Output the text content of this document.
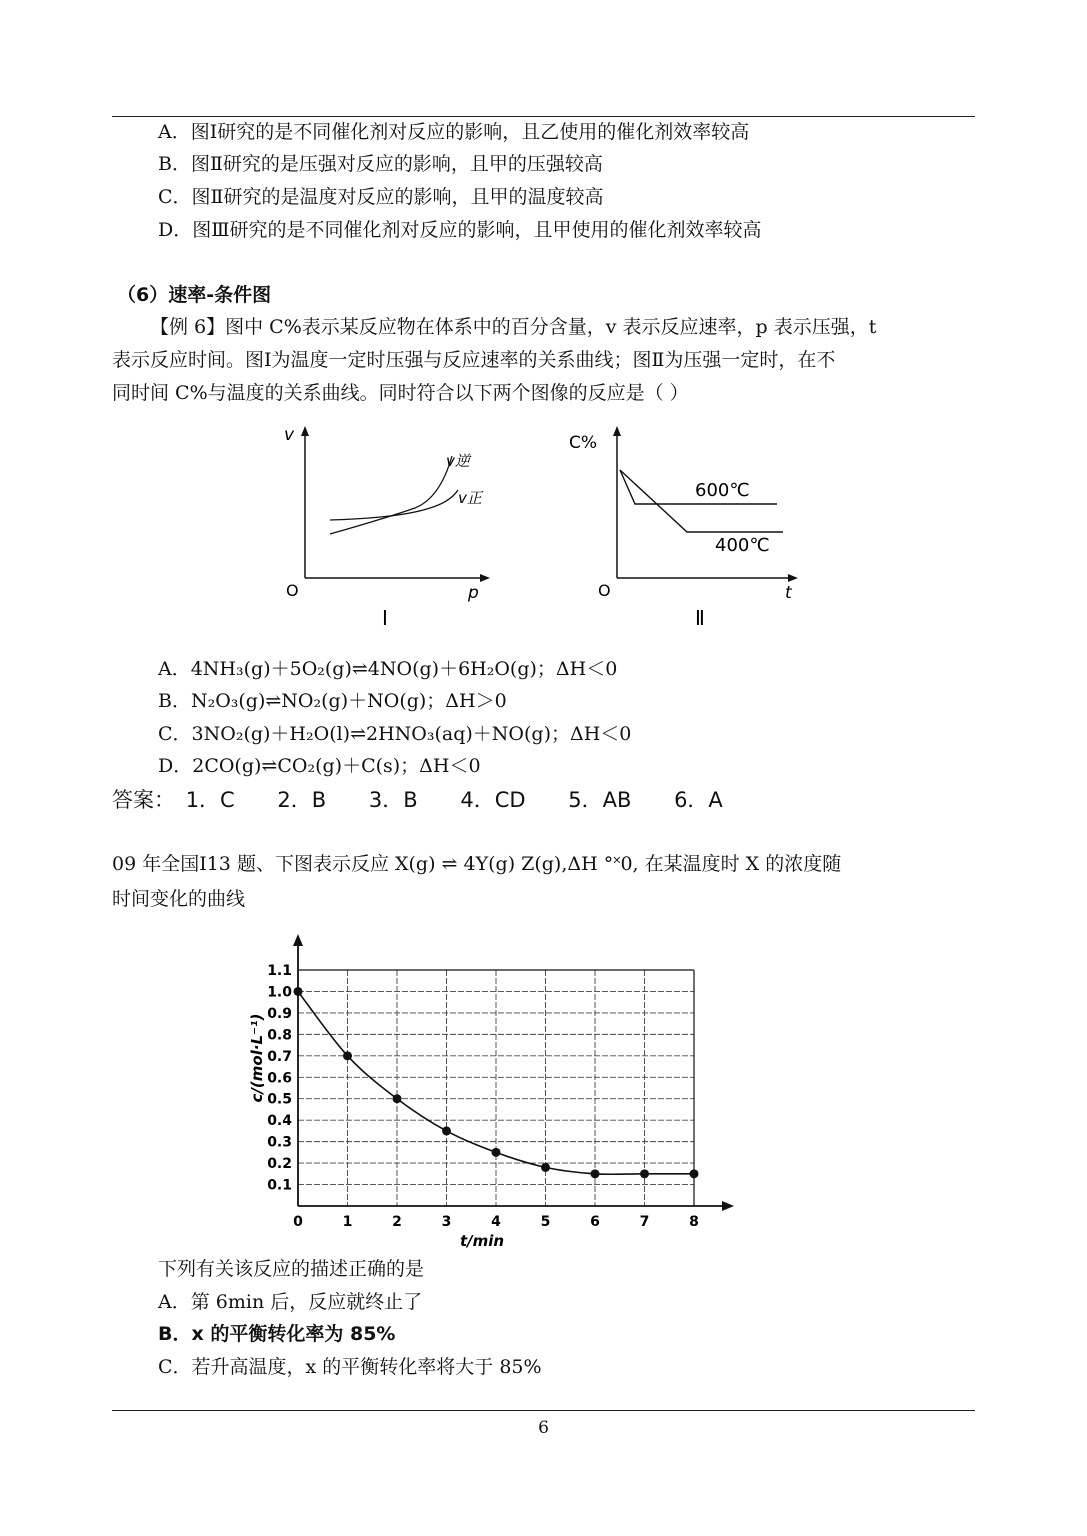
A．图Ⅰ研究的是不同催化剂对反应的影响，且乙使用的催化剂效率较高
B．图Ⅱ研究的是压强对反应的影响，且甲的压强较高
C．图Ⅱ研究的是温度对反应的影响，且甲的温度较高
D．图Ⅲ研究的是不同催化剂对反应的影响，且甲使用的催化剂效率较高
（6）速率-条件图
【例 6】图中 C%表示某反应物在体系中的百分含量，v 表示反应速率，p 表示压强，t
表示反应时间。图Ⅰ为温度一定时压强与反应速率的关系曲线；图Ⅱ为压强一定时，在不
同时间 C%与温度的关系曲线。同时符合以下两个图像的反应是（ ）
v
v逆
v正
O	p
Ⅰ
C%
600℃
400℃
O	t
Ⅱ
A．4NH₃(g)＋5O₂(g)⇌4NO(g)＋6H₂O(g)；ΔH＜0
B．N₂O₃(g)⇌NO₂(g)＋NO(g)；ΔH＞0
C．3NO₂(g)＋H₂O(l)⇌2HNO₃(aq)＋NO(g)；ΔH＜0
D．2CO(g)⇌CO₂(g)＋C(s)；ΔH＜0
答案： 1．C 2．B 3．B 4．CD 5．AB 6．A
09 年全国Ⅰ13 题、下图表示反应 X(g) ⇌ 4Y(g) Z(g),ΔH °˟0, 在某温度时 X 的浓度随
时间变化的曲线
0.1
0.2
0.3
0.4
0.5
0.6
0.7
0.8
0.9
1.0
1.1
0	1	2	3	4	5	6	7	8
t/min
c/(mol·L⁻¹)
下列有关该反应的描述正确的是
A．第 6min 后，反应就终止了
B．x 的平衡转化率为 85%
C．若升高温度，x 的平衡转化率将大于 85%
6
